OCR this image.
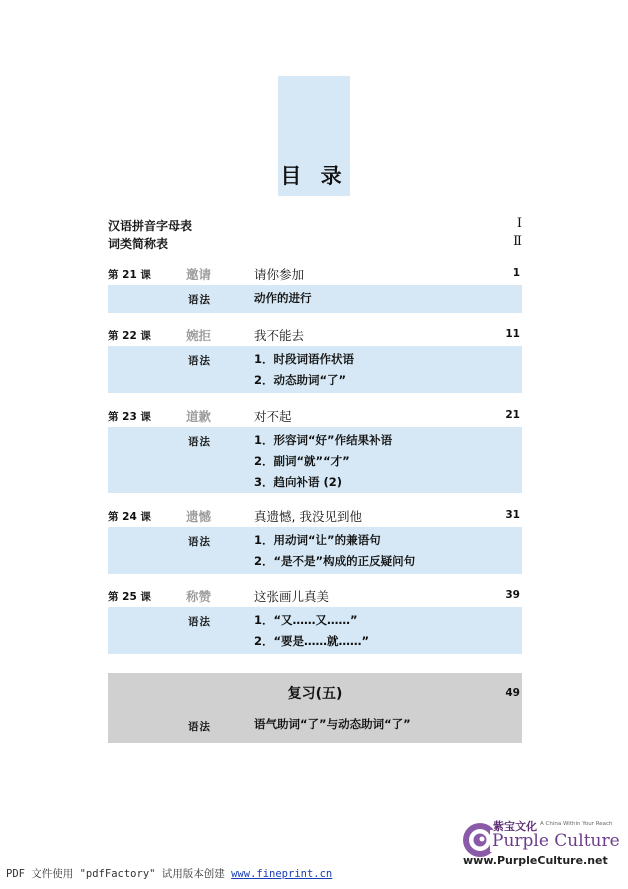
目 录
汉语拼音字母表	Ⅰ
词类简称表	Ⅱ
第 21 课	邀请	请你参加	1
语法	动作的进行
第 22 课	婉拒	我不能去	11
语法	1．时段词语作状语
2．动态助词“了”
第 23 课	道歉	对不起	21
语法	1．形容词“好”作结果补语
2．副词“就”“才”
3．趋向补语 (2)
第 24 课	遗憾	真遗憾, 我没见到他	31
语法	1．用动词“让”的兼语句
2．“是不是”构成的正反疑问句
第 25 课	称赞	这张画儿真美	39
语法	1．“又……又……”
2．“要是……就……”
复习(五)	49
语法	语气助词“了”与动态助词“了”
紫宝文化 A China Within Your Reach
Purple Culture
www.PurpleCulture.net
PDF 文件使用 "pdfFactory" 试用版本创建 www.fineprint.cn
